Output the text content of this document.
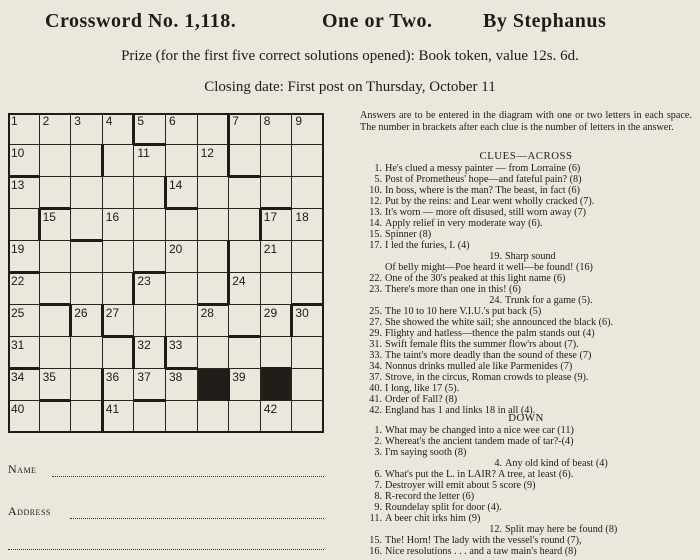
Crossword No. 1,118.	One or Two.	By Stephanus
Prize (for the first five correct solutions opened): Book token, value 12s. 6d.
Closing date: First post on Thursday, October 11
1 2 3 4 5 6	7 8 9
10	11	12
13	14
15	16	17 18
19	20	21
22	23	24
25	26 27	28	29 30
31	32 33
34 35	36 37 38	39
40	41	42
Name
Address
Answers are to be entered in the diagram with one or two letters in each space. The number in brackets after each clue is the number of letters in the answer.
CLUES—ACROSS
1. He's clued a messy painter — from Lorraine (6)
5. Post of Prometheus' hope—and fateful pain? (8)
10. In boss, where is the man? The beast, in fact (6)
12. Put by the reins: and Lear went wholly cracked (7).
13. It's worn — more oft disused, still worn away (7)
14. Apply relief in very moderate way (6).
15. Spinner (8)
17. I led the furies, I. (4)
19. Sharp sound
Of belly might—Poe heard it well—be found! (16)
22. One of the 30's peaked at this light name (6)
23. There's more than one in this! (6)
24. Trunk for a game (5).
25. The 10 to 10 here V.I.U.'s put back (5)
27. She showed the white sail; she announced the black (6).
29. Flighty and hatless—thence the palm stands out (4)
31. Swift female flits the summer flow'rs about (7).
33. The taint's more deadly than the sound of these (7)
34. Nonnus drinks mulled ale like Parmenides (7)
37. Strove, in the circus, Roman crowds to please (9).
40. I long, like 17 (5).
41. Order of Fall? (8)
42. England has 1 and links 18 in all (4).
DOWN
1. What may be changed into a nice wee car (11)
2. Whereat's the ancient tandem made of tar?-(4)
3. I'm saying sooth (8)
4. Any old kind of beast (4)
6. What's put the L. in LAIR? A tree, at least (6).
7. Destroyer will emit about 5 score (9)
8. R-record the letter (6)
9. Roundelay split for door (4).
11. A beer chit irks him (9)
12. Split may here be found (8)
15. The! Horn! The lady with the vessel's round (7),
16. Nice resolutions . . . and a taw main's heard (8)
